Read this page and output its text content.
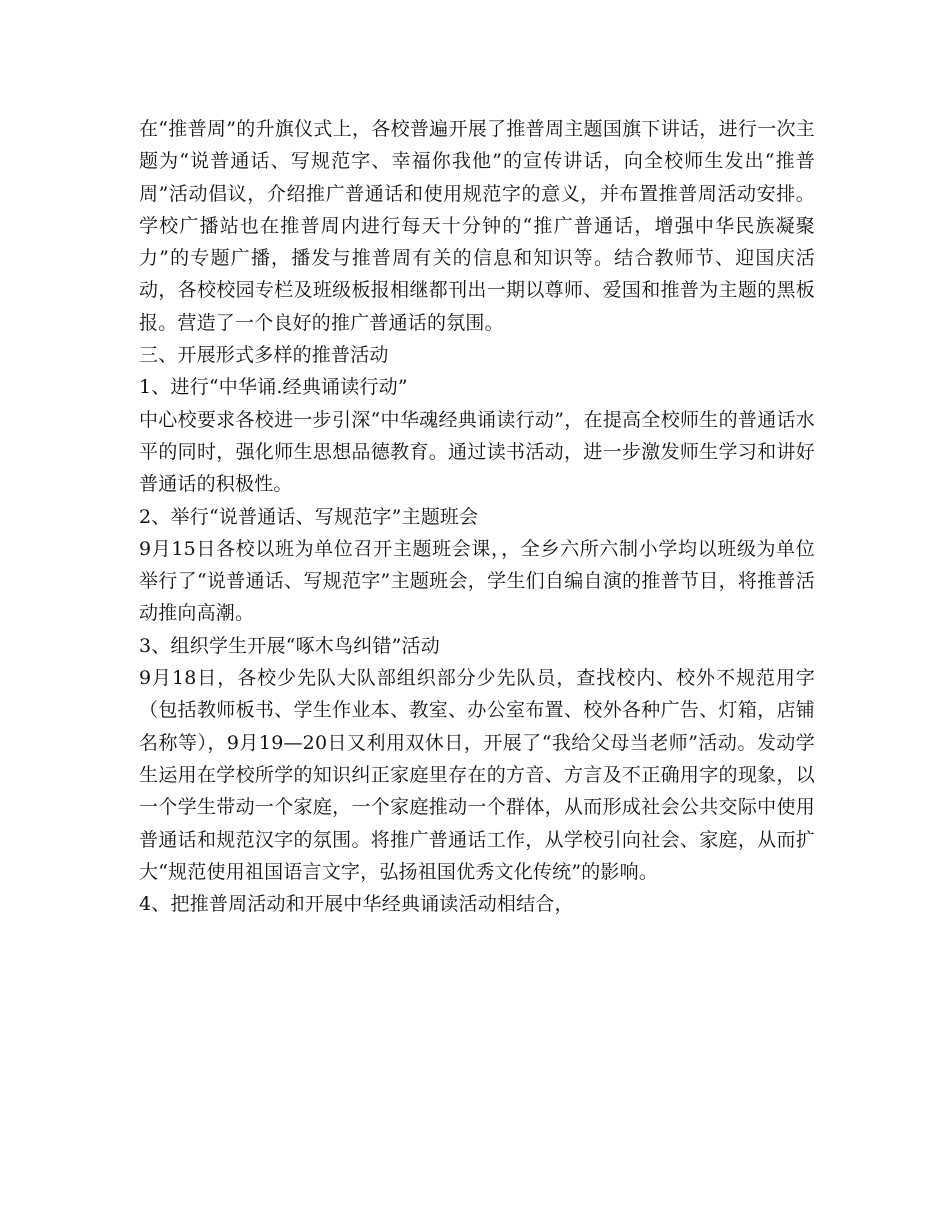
在“推普周”的升旗仪式上，各校普遍开展了推普周主题国旗下讲话，进行一次主题为“说普通话、写规范字、幸福你我他”的宣传讲话，向全校师生发出“推普周”活动倡议，介绍推广普通话和使用规范字的意义，并布置推普周活动安排。学校广播站也在推普周内进行每天十分钟的“推广普通话，增强中华民族凝聚力”的专题广播，播发与推普周有关的信息和知识等。结合教师节、迎国庆活动，各校校园专栏及班级板报相继都刊出一期以尊师、爱国和推普为主题的黑板报。营造了一个良好的推广普通话的氛围。

三、开展形式多样的推普活动

1、进行“中华诵.经典诵读行动”

中心校要求各校进一步引深“中华魂经典诵读行动”，在提高全校师生的普通话水平的同时，强化师生思想品德教育。通过读书活动，进一步激发师生学习和讲好普通话的积极性。

2、举行“说普通话、写规范字”主题班会

9月15日各校以班为单位召开主题班会课，，全乡六所六制小学均以班级为单位举行了“说普通话、写规范字”主题班会，学生们自编自演的推普节目，将推普活动推向高潮。

3、组织学生开展“啄木鸟纠错”活动

9月18日，各校少先队大队部组织部分少先队员，查找校内、校外不规范用字（包括教师板书、学生作业本、教室、办公室布置、校外各种广告、灯箱，店铺名称等），9月19—20日又利用双休日，开展了“我给父母当老师”活动。发动学生运用在学校所学的知识纠正家庭里存在的方音、方言及不正确用字的现象，以一个学生带动一个家庭，一个家庭推动一个群体，从而形成社会公共交际中使用普通话和规范汉字的氛围。将推广普通话工作，从学校引向社会、家庭，从而扩大“规范使用祖国语言文字，弘扬祖国优秀文化传统”的影响。

4、把推普周活动和开展中华经典诵读活动相结合，
